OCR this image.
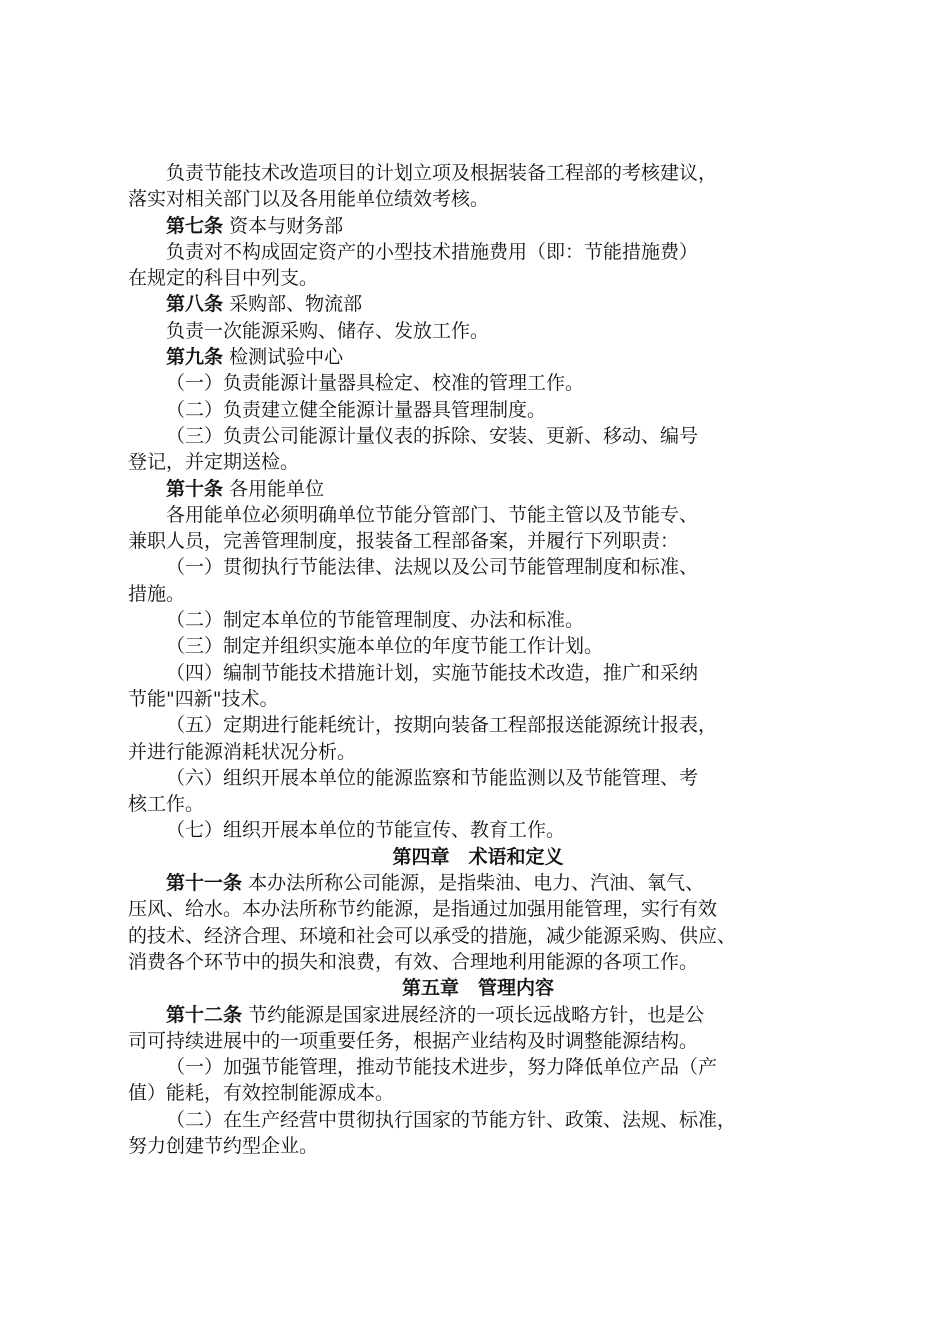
负责节能技术改造项目的计划立项及根据装备工程部的考核建议，
落实对相关部门以及各用能单位绩效考核。

第七条 资本与财务部

负责对不构成固定资产的小型技术措施费用（即：节能措施费）
在规定的科目中列支。

第八条 采购部、物流部

负责一次能源采购、储存、发放工作。

第九条 检测试验中心

（一）负责能源计量器具检定、校准的管理工作。

（二）负责建立健全能源计量器具管理制度。

（三）负责公司能源计量仪表的拆除、安装、更新、移动、编号
登记，并定期送检。

第十条 各用能单位

各用能单位必须明确单位节能分管部门、节能主管以及节能专、
兼职人员，完善管理制度，报装备工程部备案，并履行下列职责：

（一）贯彻执行节能法律、法规以及公司节能管理制度和标准、
措施。

（二）制定本单位的节能管理制度、办法和标准。

（三）制定并组织实施本单位的年度节能工作计划。

（四）编制节能技术措施计划，实施节能技术改造，推广和采纳
节能"四新"技术。

（五）定期进行能耗统计，按期向装备工程部报送能源统计报表，
并进行能源消耗状况分析。

（六）组织开展本单位的能源监察和节能监测以及节能管理、考
核工作。

（七）组织开展本单位的节能宣传、教育工作。

第四章 术语和定义

第十一条 本办法所称公司能源，是指柴油、电力、汽油、氧气、
压风、给水。本办法所称节约能源，是指通过加强用能管理，实行有效
的技术、经济合理、环境和社会可以承受的措施，减少能源采购、供应、
消费各个环节中的损失和浪费，有效、合理地利用能源的各项工作。

第五章 管理内容

第十二条 节约能源是国家进展经济的一项长远战略方针，也是公
司可持续进展中的一项重要任务，根据产业结构及时调整能源结构。

（一）加强节能管理，推动节能技术进步，努力降低单位产品（产
值）能耗，有效控制能源成本。

（二）在生产经营中贯彻执行国家的节能方针、政策、法规、标准，
努力创建节约型企业。
